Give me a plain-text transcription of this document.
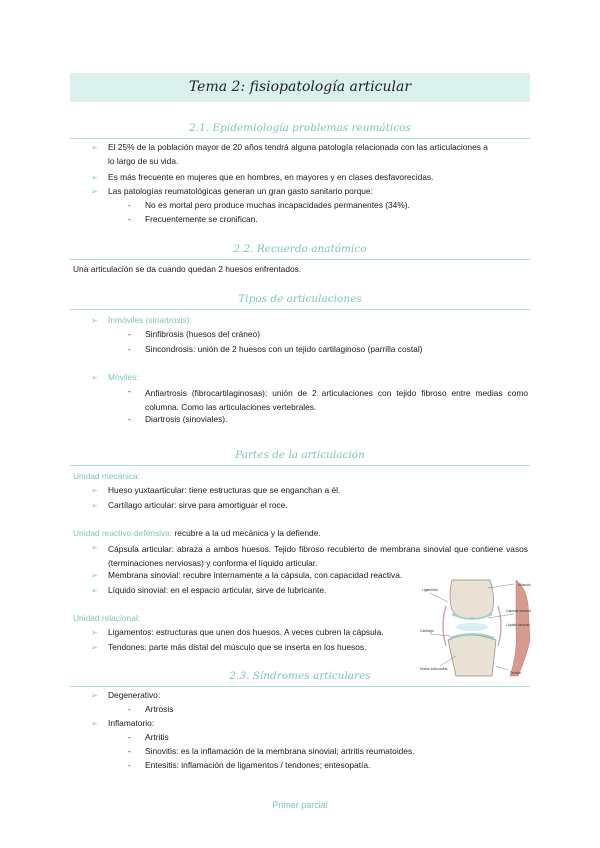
Tema 2: fisiopatología articular
2.1. Epidemiología problemas reumáticos
➢ El 25% de la población mayor de 20 años tendrá alguna patología relacionada con las articulaciones a
lo largo de su vida.
➢ Es más frecuente en mujeres que en hombres, en mayores y en clases desfavorecidas.
➢ Las patologías reumatológicas generan un gran gasto sanitario porque:
- No es mortal pero produce muchas incapacidades permanentes (34%).
- Frecuentemente se cronifican.
2.2. Recuerdo anatómico
Una articulación se da cuando quedan 2 huesos enfrentados.
Tipos de articulaciones
➢ Inmóviles (sinartrosis):
- Sinfibrosis (huesos del cráneo)
- Sincondrosis: unión de 2 huesos con un tejido cartilaginoso (parrilla costal)
➢ Móviles:
- Anfiartrosis (fibrocartilaginosas): unión de 2 articulaciones con tejido fibroso entre medias como columna. Como las articulaciones vertebrales.
- Diartrosis (sinoviales).
Partes de la articulación
Unidad mecánica:
➢ Hueso yuxtaarticular: tiene estructuras que se enganchan a él.
➢ Cartílago articular: sirve para amortiguar el roce.
Unidad reactivo-defensiva: recubre a la ud mecánica y la defiende.
➢ Cápsula articular: abraza a ambos huesos. Tejido fibroso recubierto de membrana sinovial que contiene vasos (terminaciones nerviosas) y conforma el líquido articular.
➢ Membrana sinovial: recubre internamente a la cápsula, con capacidad reactiva.
➢ Líquido sinovial: en el espacio articular, sirve de lubricante.
Unidad relacional:
➢ Ligamentos: estructuras que unen dos huesos. A veces cubren la cápsula.
➢ Tendones: parte más distal del músculo que se inserta en los huesos.
Músculo
Ligamento
Cápsula sinovial
Cartílago
Líquido sinovial
Hueso subcondral
Tendón
2.3. Síndromes articulares
➢ Degenerativo:
- Artrosis
➢ Inflamatorio:
- Artritis
- Sinovitis: es la inflamación de la membrana sinovial; artritis reumatoides.
- Entesitis: inflamación de ligamentos / tendones; entesopatía.
Primer parcial
